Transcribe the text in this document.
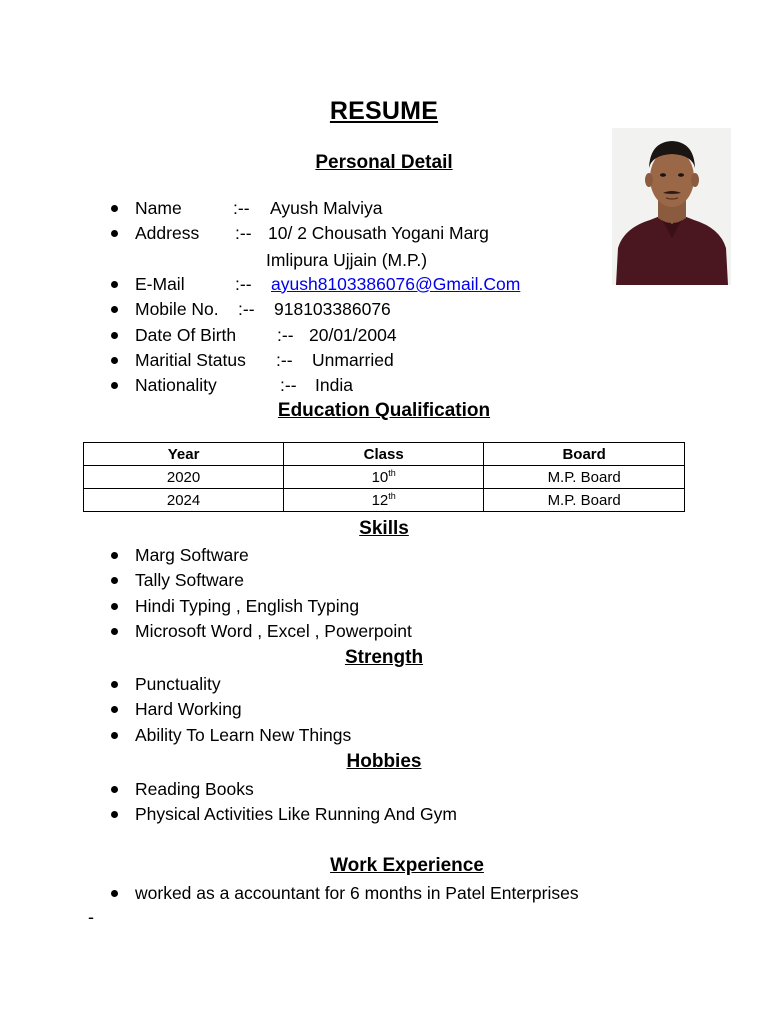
RESUME
Personal Detail
Name	:-- Ayush Malviya
Address :-- 10/ 2 Chousath Yogani Marg
E-Mail	:-- ayush8103386076@Gmail.Com
Mobile No. :-- 918103386076
Date Of Birth :-- 20/01/2004
Maritial Status :-- Unmarried
Nationality	:-- India
Imlipura Ujjain (M.P.)
Education Qualification
Year	Class	Board
2020	10th	M.P. Board
2024	12th	M.P. Board
Skills
Marg Software
Tally Software
Hindi Typing , English Typing
Microsoft Word , Excel , Powerpoint
Strength
Punctuality
Hard Working
Ability To Learn New Things
Hobbies
Reading Books
Physical Activities Like Running And Gym
Work Experience
worked as a accountant for 6 months in Patel Enterprises
-
